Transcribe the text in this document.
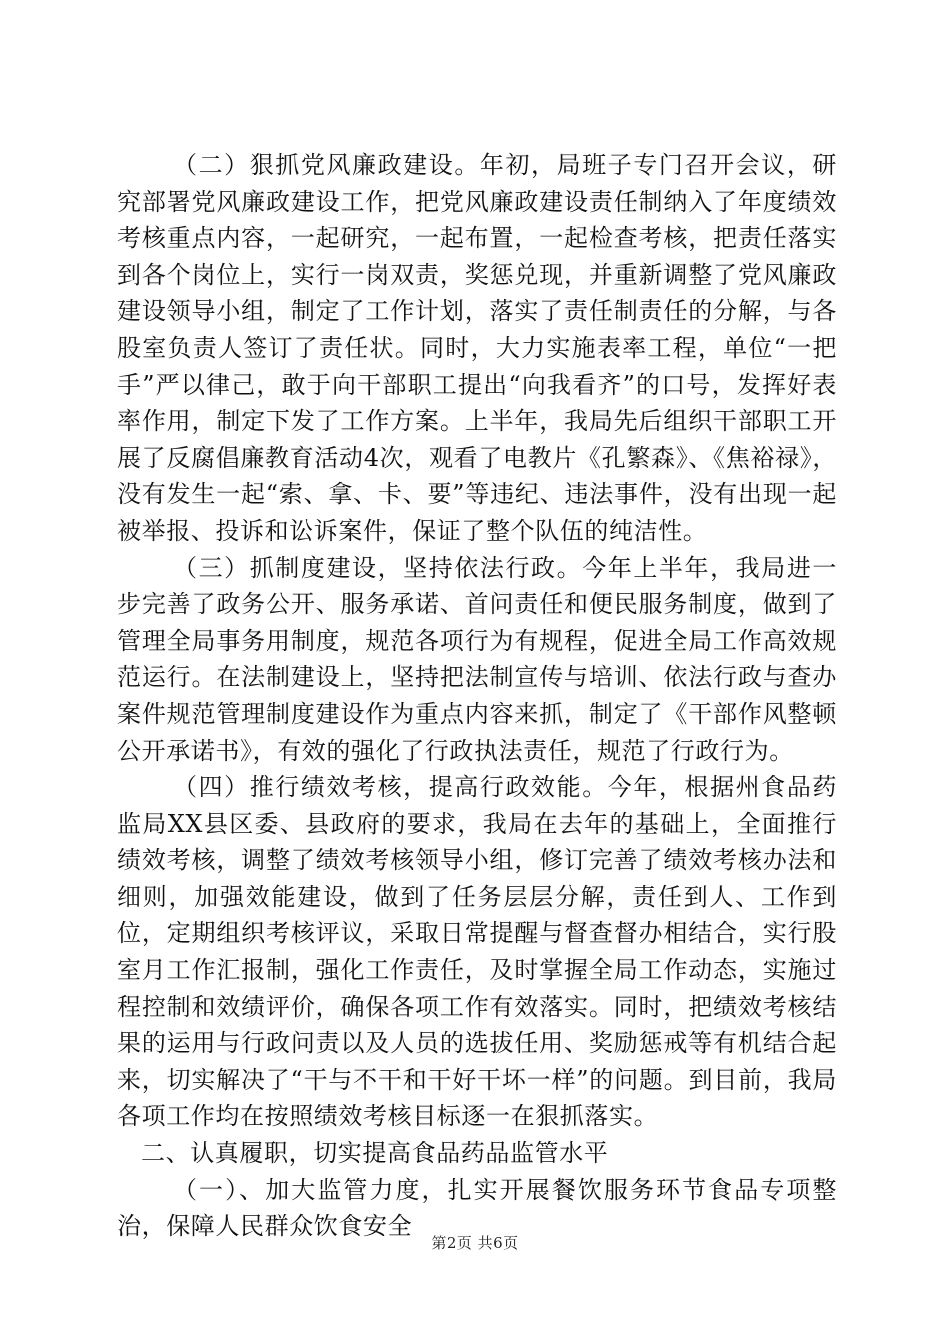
（二）狠抓党风廉政建设。年初，局班子专门召开会议，研究部署党风廉政建设工作，把党风廉政建设责任制纳入了年度绩效考核重点内容，一起研究，一起布置，一起检查考核，把责任落实到各个岗位上，实行一岗双责，奖惩兑现，并重新调整了党风廉政建设领导小组，制定了工作计划，落实了责任制责任的分解，与各股室负责人签订了责任状。同时，大力实施表率工程，单位“一把手”严以律己，敢于向干部职工提出“向我看齐”的口号，发挥好表率作用，制定下发了工作方案。上半年，我局先后组织干部职工开展了反腐倡廉教育活动4次，观看了电教片《孔繁森》、《焦裕禄》，没有发生一起“索、拿、卡、要”等违纪、违法事件，没有出现一起被举报、投诉和讼诉案件，保证了整个队伍的纯洁性。

（三）抓制度建设，坚持依法行政。今年上半年，我局进一步完善了政务公开、服务承诺、首问责任和便民服务制度，做到了管理全局事务用制度，规范各项行为有规程，促进全局工作高效规范运行。在法制建设上，坚持把法制宣传与培训、依法行政与查办案件规范管理制度建设作为重点内容来抓，制定了《干部作风整顿公开承诺书》，有效的强化了行政执法责任，规范了行政行为。

（四）推行绩效考核，提高行政效能。今年，根据州食品药监局XX县区委、县政府的要求，我局在去年的基础上，全面推行绩效考核，调整了绩效考核领导小组，修订完善了绩效考核办法和细则，加强效能建设，做到了任务层层分解，责任到人、工作到位，定期组织考核评议，采取日常提醒与督查督办相结合，实行股室月工作汇报制，强化工作责任，及时掌握全局工作动态，实施过程控制和效绩评价，确保各项工作有效落实。同时，把绩效考核结果的运用与行政问责以及人员的选拔任用、奖励惩戒等有机结合起来，切实解决了“干与不干和干好干坏一样”的问题。到目前，我局各项工作均在按照绩效考核目标逐一在狠抓落实。

二、认真履职，切实提高食品药品监管水平

（一）、加大监管力度，扎实开展餐饮服务环节食品专项整治，保障人民群众饮食安全

第2页 共6页
